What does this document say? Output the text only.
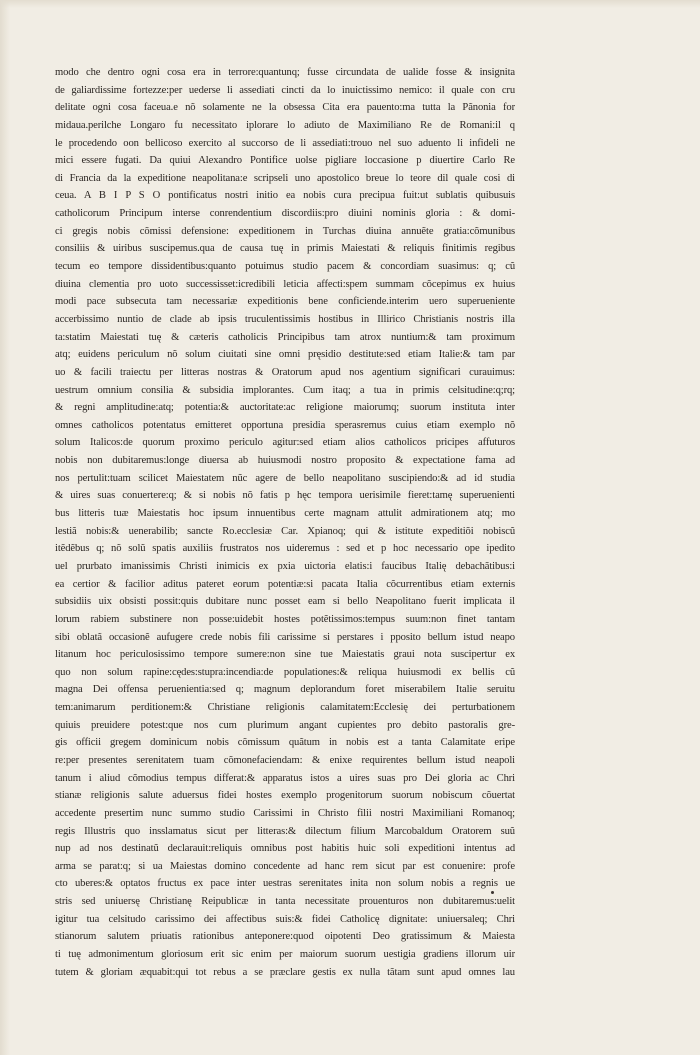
modo che dentro ogni cosa era in terrore:quantunq; fusse circundata de ualide fosse & insignita
de galiardissime fortezze:per uederse li assediati cincti da lo inuictissimo nemico: il quale con cru
delitate ogni cosa faceua.e nõ solamente ne la obsessa Cita era pauento:ma tutta la Pãnonia for
midaua.perilche Longaro fu necessitato iplorare lo adiuto de Maximiliano Re de Romani:il q
le procedendo oon bellicoso exercito al succorso de li assediati:trouo nel suo aduento li infideli ne
mici essere fugati. Da quiui Alexandro Pontifice uolse pigliare loccasione p diuertire Carlo Re
di Francia da la expeditione neapolitana:e scripseli uno apostolico breue lo teore dil quale cosi di
ceua. A B I P S O pontificatus nostri initio ea nobis cura precipua fuit:ut sublatis quibusuis
catholicorum Principum interse conrendentium discordiis:pro diuini nominis gloria : & domi-
ci gregis nobis cõmissi defensione: expeditionem in Turchas diuina annuẽte gratia:cõmunibus
consiliis & uiribus suscipemus.qua de causa tuę in primis Maiestati & reliquis finitimis regibus
tecum eo tempore dissidentibus:quanto potuimus studio pacem & concordiam suasimus: q; cũ
diuina clementia pro uoto successisset:icredibili leticia affecti:spem summam cõcepimus ex huius
modi pace subsecuta tam necessariæ expeditionis bene conficiende.interim uero superueniente
accerbissimo nuntio de clade ab ipsis truculentissimis hostibus in Illirico Christianis nostris illa
ta:statim Maiestati tuę & cæteris catholicis Principibus tam atrox nuntium:& tam proximum
atq; euidens periculum nõ solum ciuitati sine omni pręsidio destitute:sed etiam Italie:& tam par
uo & facili traiectu per litteras nostras & Oratorum apud nos agentium significari curauimus:
uestrum omnium consilia & subsidia implorantes. Cum itaq; a tua in primis celsitudine:q;rq;
& regni amplitudine:atq; potentia:& auctoritate:ac religione maiorumq; suorum instituta inter
omnes catholicos potentatus emitteret opportuna presidia sperasremus cuius etiam exemplo nõ
solum Italicos:de quorum proximo periculo agitur:sed etiam alios catholicos pricipes affuturos
nobis non dubitaremus:longe diuersa ab huiusmodi nostro proposito & expectatione fama ad
nos pertulit:tuam scilicet Maiestatem nũc agere de bello neapolitano suscipiendo:& ad id studia
& uires suas conuertere:q; & si nobis nõ fatis p hęc tempora uerisimile fieret:tamę superuenienti
bus litteris tuæ Maiestatis hoc ipsum innuentibus certe magnam attulit admirationem atq; mo
lestiã nobis:& uenerabilib; sancte Ro.ecclesiæ Car. Xpianoq; qui & istitute expeditiõi nobiscũ
itẽdẽbus q; nõ solũ spatis auxiliis frustratos nos uideremus : sed et p hoc necessario ope ipedito
uel prurbato imanissimis Christi inimicis ex pxia uictoria elatis:i faucibus Italię debachãtibus:i
ea certior & facilior aditus pateret eorum potentiæ:si pacata Italia cõcurrentibus etiam externis
subsidiis uix obsisti possit:quis dubitare nunc posset eam si bello Neapolitano fuerit implicata il
lorum rabiem substinere non posse:uidebit hostes potẽtissimos:tempus suum:non finet tantam
sibi oblatã occasionẽ aufugere crede nobis fili carissime si perstares i pposito bellum istud neapo
litanum hoc periculosissimo tempore sumere:non sine tue Maiestatis graui nota suscipertur ex
quo non solum rapine:cędes:stupra:incendia:de populationes:& reliqua huiusmodi ex bellis cũ
magna Dei offensa peruenientia:sed q; magnum deplorandum foret miserabilem Italie seruitu
tem:animarum perditionem:& Christiane religionis calamitatem:Ecclesię dei perturbationem
quiuis preuidere potest:que nos cum plurimum angant cupientes pro debito pastoralis gre-
gis officii gregem dominicum nobis cõmissum quãtum in nobis est a tanta Calamitate eripe
re:per presentes serenitatem tuam cõmonefaciendam: & enixe requirentes bellum istud neapoli
tanum i aliud cõmodius tempus differat:& apparatus istos a uires suas pro Dei gloria ac Chri
stianæ religionis salute aduersus fidei hostes exemplo progenitorum suorum nobiscum cõuertat
accedente presertim nunc summo studio Carissimi in Christo filii nostri Maximiliani Romanoq;
regis Illustris quo insslamatus sicut per litteras:& dilectum filium Marcobaldum Oratorem suũ
nup ad nos destinatũ declarauit:reliquis omnibus post habitis huic soli expeditioni intentus ad
arma se parat:q; si ua Maiestas domino concedente ad hanc rem sicut par est conuenire: profe
cto uberes:& optatos fructus ex pace inter uestras serenitates inita non solum nobis a regnis ue
stris sed uniuersę Christianę Reipublicæ in tanta necessitate prouenturos non dubitaremus:uelit
igitur tua celsitudo carissimo dei affectibus suis:& fidei Catholicę dignitate: uniuersaleq; Chri
stianorum salutem priuatis rationibus anteponere:quod oipotenti Deo gratissimum & Maiesta
ti tuę admonimentum gloriosum erit sic enim per maiorum suorum uestigia gradiens illorum uir
tutem & gloriam æquabit:qui tot rebus a se præclare gestis ex nulla tãtam sunt apud omnes lau
